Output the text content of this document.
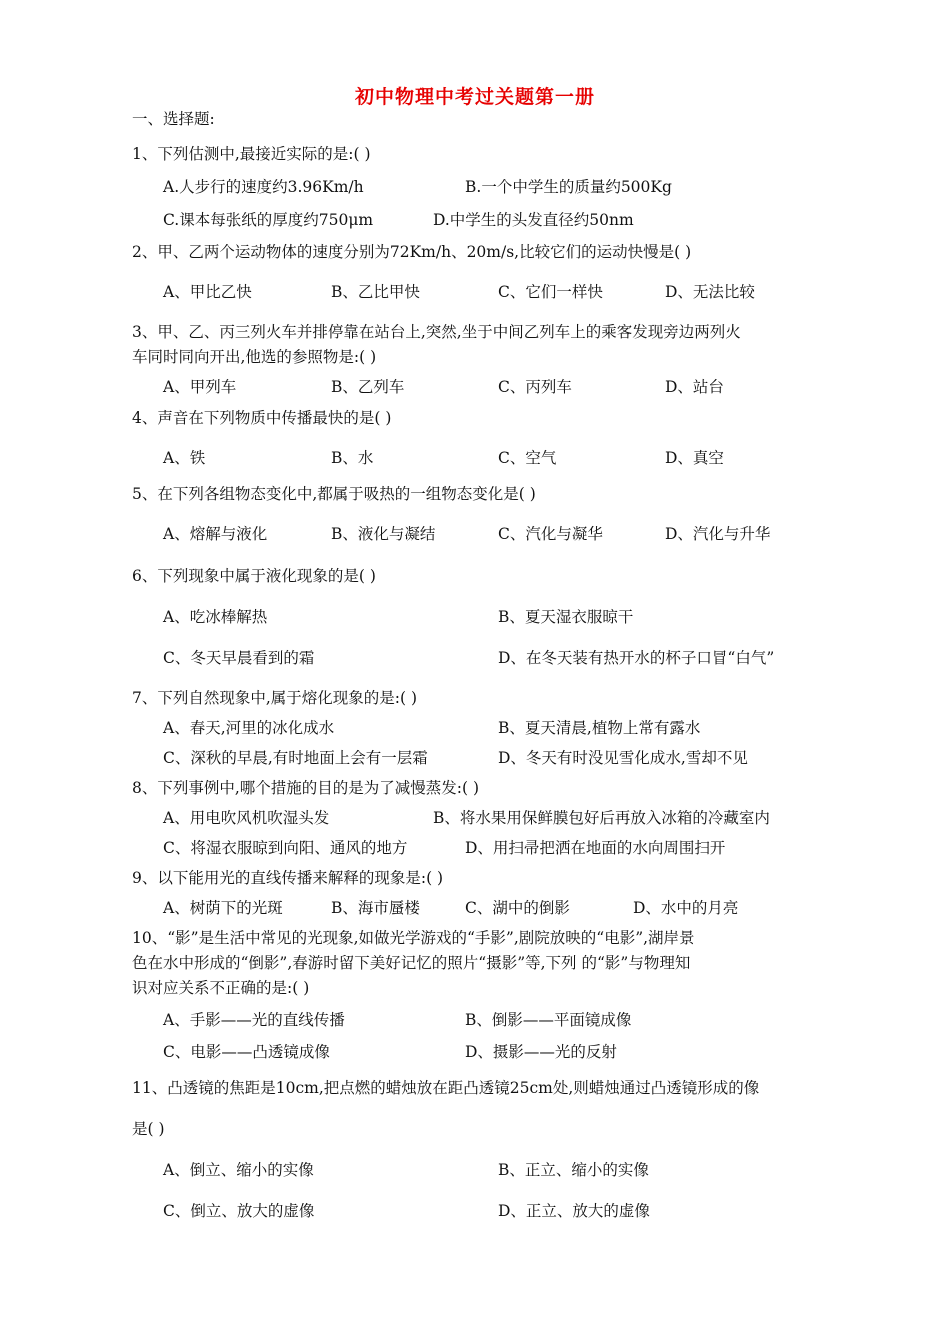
初中物理中考过关题第一册
一、选择题:
1、下列估测中,最接近实际的是:( )
A.人步行的速度约3.96Km/h	B.一个中学生的质量约500Kg
C.课本每张纸的厚度约750μm	D.中学生的头发直径约50nm
2、甲、乙两个运动物体的速度分别为72Km/h、20m/s,比较它们的运动快慢是( )
A、甲比乙快	B、乙比甲快	C、它们一样快	D、无法比较
3、甲、乙、丙三列火车并排停靠在站台上,突然,坐于中间乙列车上的乘客发现旁边两列火
车同时同向开出,他选的参照物是:( )
A、甲列车	B、乙列车	C、丙列车	D、站台
4、声音在下列物质中传播最快的是( )
A、铁	B、水	C、空气	D、真空
5、在下列各组物态变化中,都属于吸热的一组物态变化是( )
A、熔解与液化	B、液化与凝结	C、汽化与凝华	D、汽化与升华
6、下列现象中属于液化现象的是( )
A、吃冰棒解热	B、夏天湿衣服晾干
C、冬天早晨看到的霜	D、在冬天装有热开水的杯子口冒“白气”
7、下列自然现象中,属于熔化现象的是:( )
A、春天,河里的冰化成水	B、夏天清晨,植物上常有露水
C、深秋的早晨,有时地面上会有一层霜	D、冬天有时没见雪化成水,雪却不见
8、下列事例中,哪个措施的目的是为了减慢蒸发:( )
A、用电吹风机吹湿头发	B、将水果用保鲜膜包好后再放入冰箱的冷藏室内
C、将湿衣服晾到向阳、通风的地方	D、用扫帚把洒在地面的水向周围扫开
9、以下能用光的直线传播来解释的现象是:( )
A、树荫下的光斑	B、海市蜃楼	C、湖中的倒影	D、水中的月亮
10、“影”是生活中常见的光现象,如做光学游戏的“手影”,剧院放映的“电影”,湖岸景
色在水中形成的“倒影”,春游时留下美好记忆的照片“摄影”等,下列 的“影”与物理知
识对应关系不正确的是:( )
A、手影——光的直线传播	B、倒影——平面镜成像
C、电影——凸透镜成像	D、摄影——光的反射
11、凸透镜的焦距是10cm,把点燃的蜡烛放在距凸透镜25cm处,则蜡烛通过凸透镜形成的像
是( )
A、倒立、缩小的实像	B、正立、缩小的实像
C、倒立、放大的虚像	D、正立、放大的虚像
